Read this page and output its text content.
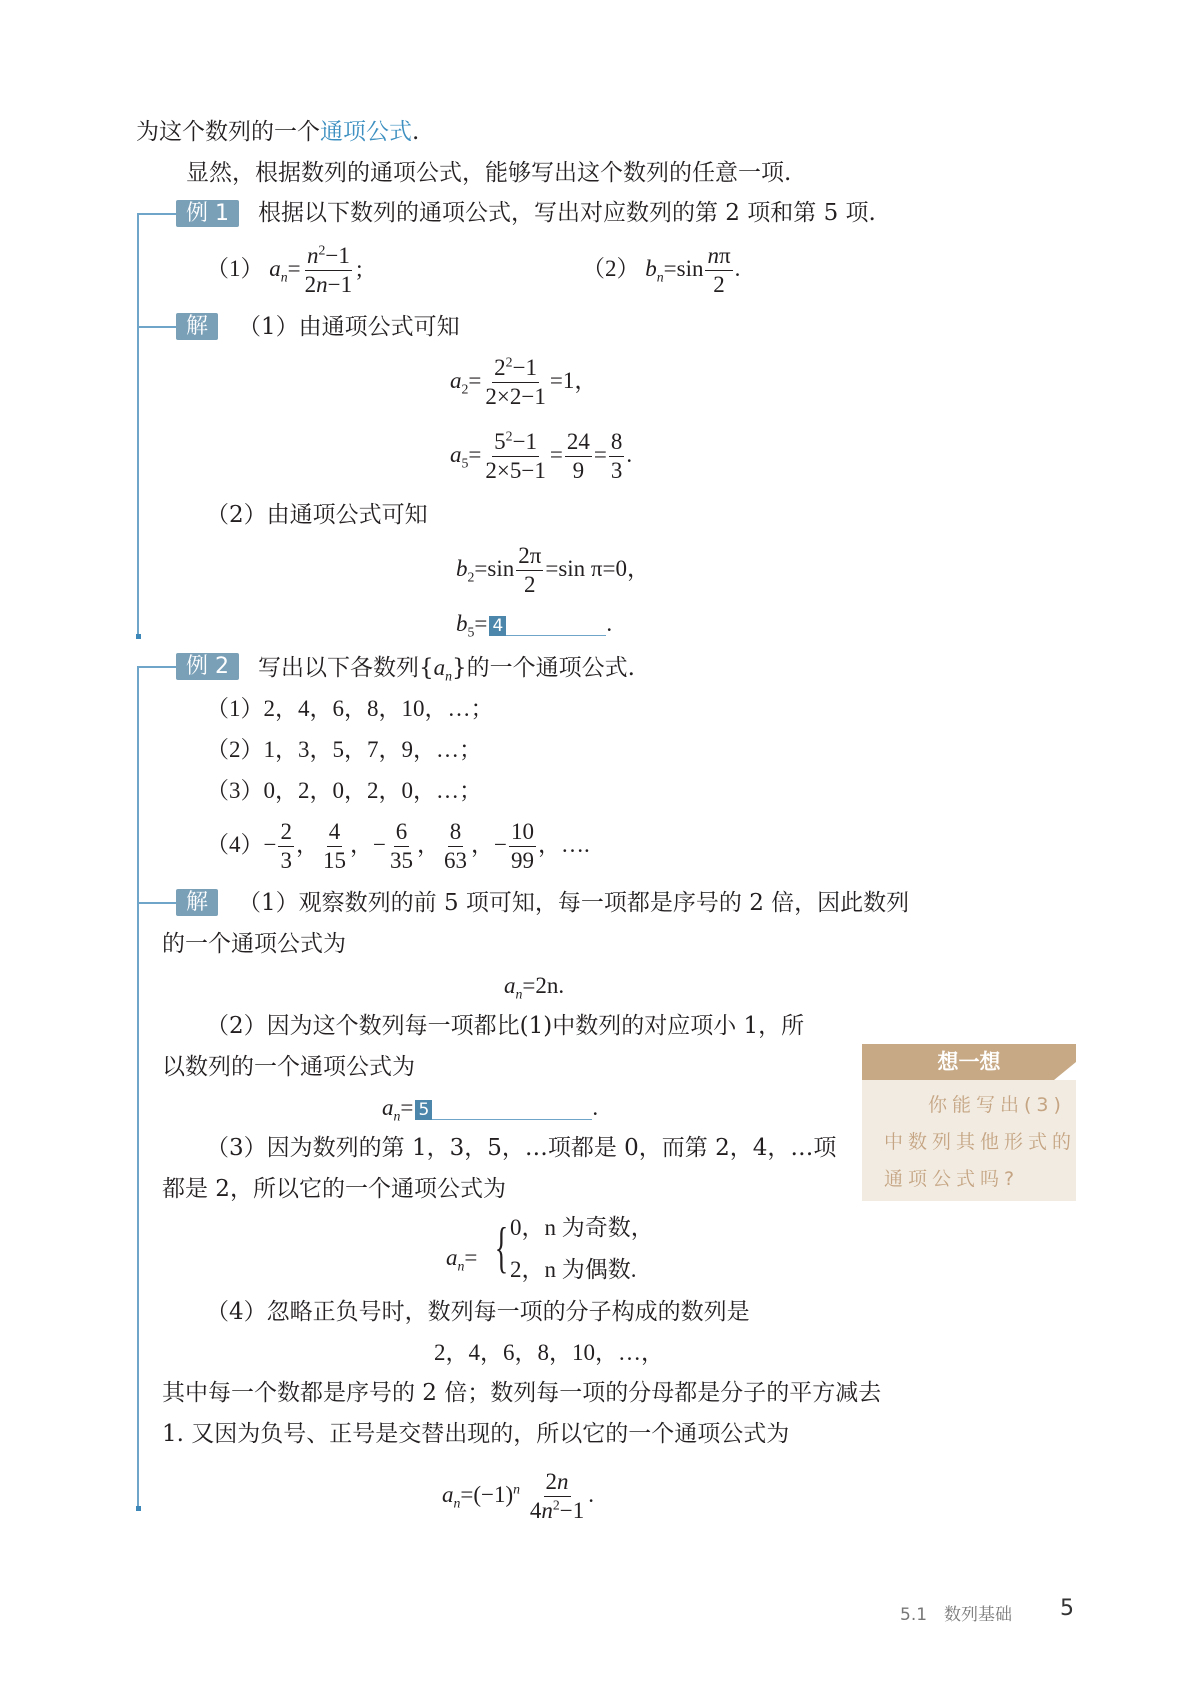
为这个数列的一个通项公式.
显然，根据数列的通项公式，能够写出这个数列的任意一项.
例 1	根据以下数列的通项公式，写出对应数列的第 2 项和第 5 项.
（1） $a_n= \frac{n^2-1}{2n-1}$ ;	（2） $b_n=\sin \frac{n\pi}{2}$ .
解	（1）由通项公式可知
$a_2= \frac{2^2-1}{2\times 2-1} =1$，
$a_5= \frac{5^2-1}{2\times 5-1} = \frac{24}{9} = \frac{8}{3}$ .
（2）由通项公式可知
$b_2=\sin \frac{2\pi}{2} =\sin$ π=0，
$b_5= 4$	.
例 2	写出以下各数列$\{a_n\}$的一个通项公式.
（1）2，4，6，8，10，…；
（2）1，3，5，7，9，…；
（3）0，2，0，2，0，…；
$(4)- \frac{2}{3}$ ， $\frac{4}{15}$ ，− $\frac{6}{35}$ ， $\frac{8}{63}$ ，− $\frac{10}{99}$ ，….
解	（1）观察数列的前 5 项可知，每一项都是序号的 2 倍，因此数列
的一个通项公式为
$a_n=2n$.
（2）因为这个数列每一项都比(1)中数列的对应项小 1，所
以数列的一个通项公式为
$a_n= 5$	.
（3）因为数列的第 1，3，5，…项都是 0，而第 2，4，…项
都是 2，所以它的一个通项公式为
$a_n=$ { 0，n 为奇数，
2，n 为偶数.
（4）忽略正负号时，数列每一项的分子构成的数列是
2，4，6，8，10，…，
其中每一个数都是序号的 2 倍；数列每一项的分母都是分子的平方减去
1. 又因为负号、正号是交替出现的，所以它的一个通项公式为
$a_n=(-1)^n \frac{2n}{4n^2-1}$ .
想一想
你能写出(3)
中数列其他形式的
通项公式吗?
5.1　数列基础 5
